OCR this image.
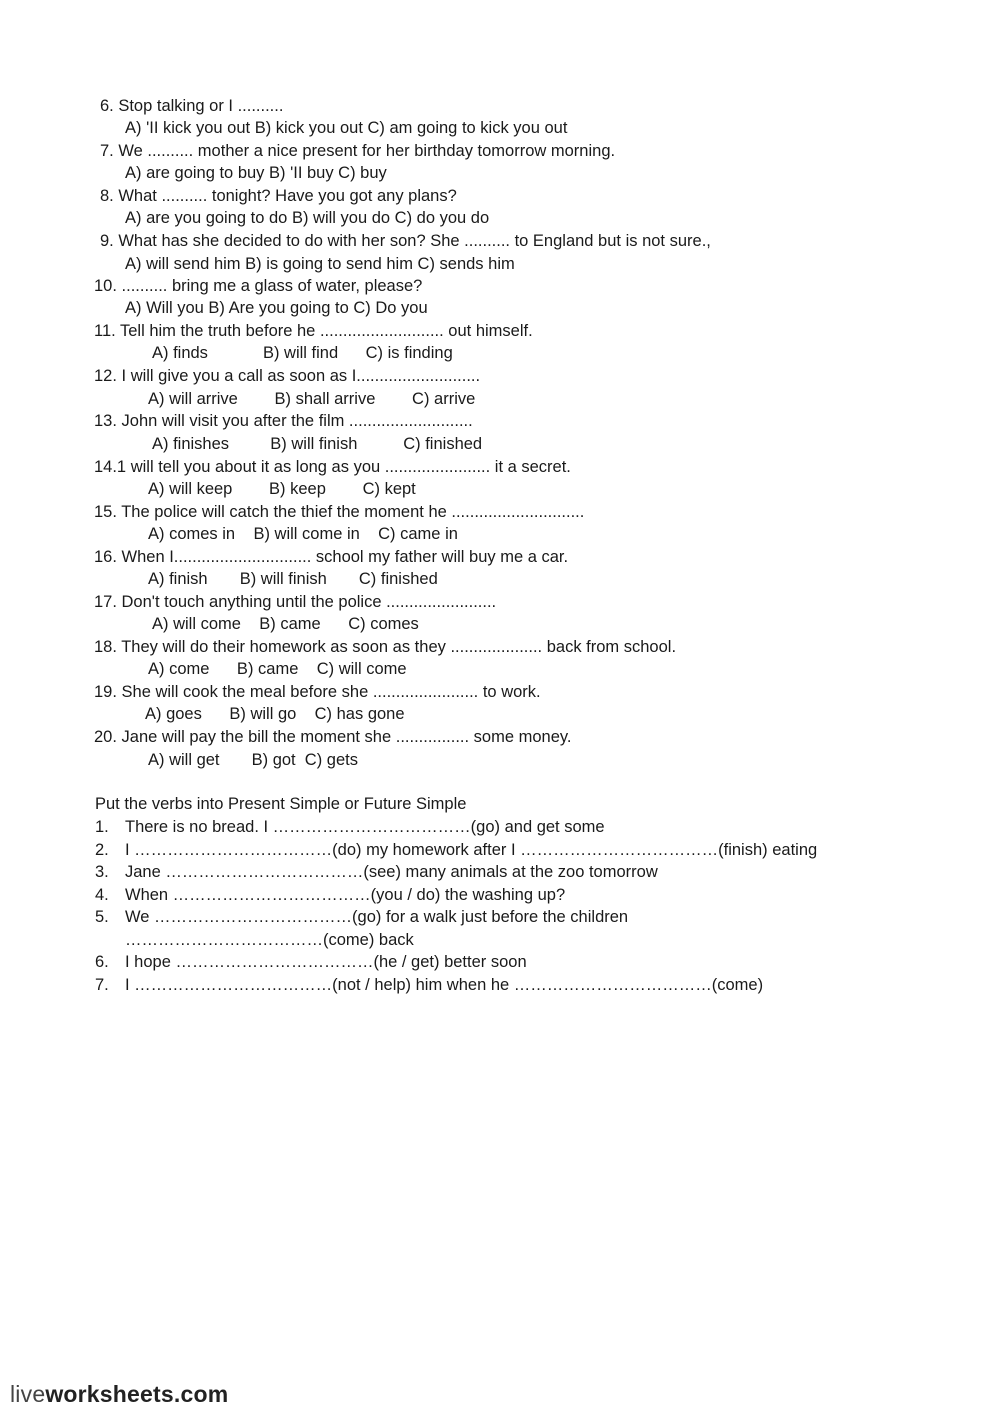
6. Stop talking or I ..........
A) 'II kick you out B) kick you out C) am going to kick you out
7. We .......... mother a nice present for her birthday tomorrow morning.
A) are going to buy B) 'II buy C) buy
8. What .......... tonight? Have you got any plans?
A) are you going to do B) will you do C) do you do
9. What has she decided to do with her son? She .......... to England but is not sure.,
A) will send him B) is going to send him C) sends him
10. .......... bring me a glass of water, please?
A) Will you B) Are you going to C) Do you
11. Tell him the truth before he ........................... out himself.
A) finds            B) will find      C) is finding
12. I will give you a call as soon as I...........................
A) will arrive        B) shall arrive        C) arrive
13. John will visit you after the film ...........................
A) finishes         B) will finish          C) finished
14.1 will tell you about it as long as you ....................... it a secret.
A) will keep        B) keep        C) kept
15. The police will catch the thief the moment he .............................
A) comes in    B) will come in    C) came in
16. When I.............................. school my father will buy me a car.
A) finish       B) will finish       C) finished
17. Don't touch anything until the police ........................
A) will come    B) came      C) comes
18. They will do their homework as soon as they .................... back from school.
A) come      B) came    C) will come
19. She will cook the meal before she ....................... to work.
A) goes      B) will go    C) has gone
20. Jane will pay the bill the moment she ................ some money.
A) will get       B) got  C) gets
Put the verbs into Present Simple or Future Simple
1. There is no bread. I ………………………………(go) and get some
2. I ………………………………(do) my homework after I ………………………………(finish) eating
3. Jane ………………………………(see) many animals at the zoo tomorrow
4. When ………………………………(you / do) the washing up?
5. We ………………………………(go) for a walk just before the children
………………………………(come) back
6. I hope ………………………………(he / get) better soon
7. I ………………………………(not / help) him when he ………………………………(come)
liveworksheets.com
